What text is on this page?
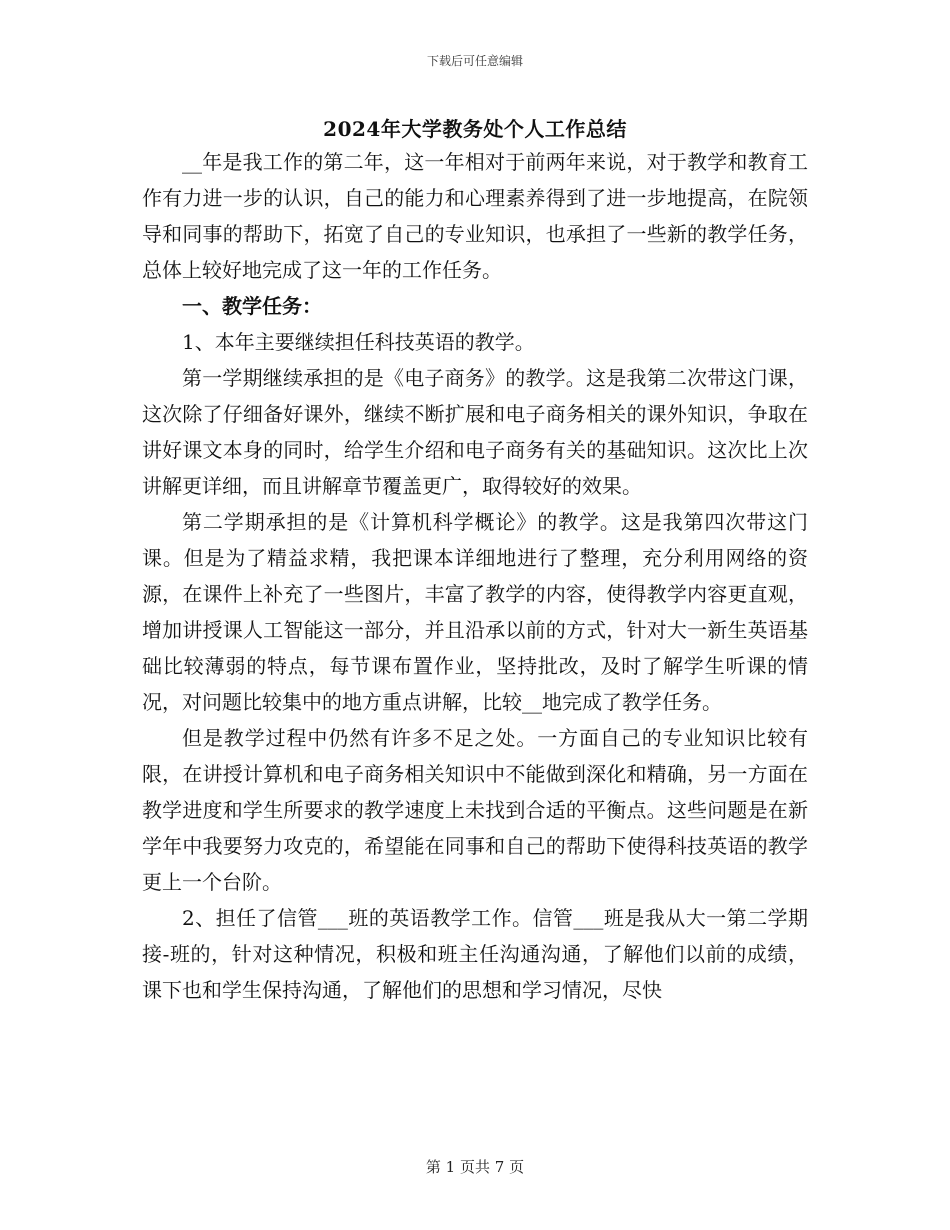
下载后可任意编辑
2024年大学教务处个人工作总结

__年是我工作的第二年，这一年相对于前两年来说，对于教学和教育工作有力进一步的认识，自己的能力和心理素养得到了进一步地提高，在院领导和同事的帮助下，拓宽了自己的专业知识，也承担了一些新的教学任务，总体上较好地完成了这一年的工作任务。

一、教学任务：

1、本年主要继续担任科技英语的教学。

第一学期继续承担的是《电子商务》的教学。这是我第二次带这门课，这次除了仔细备好课外，继续不断扩展和电子商务相关的课外知识，争取在讲好课文本身的同时，给学生介绍和电子商务有关的基础知识。这次比上次讲解更详细，而且讲解章节覆盖更广，取得较好的效果。

第二学期承担的是《计算机科学概论》的教学。这是我第四次带这门课。但是为了精益求精，我把课本详细地进行了整理，充分利用网络的资源，在课件上补充了一些图片，丰富了教学的内容，使得教学内容更直观，增加讲授课人工智能这一部分，并且沿承以前的方式，针对大一新生英语基础比较薄弱的特点，每节课布置作业，坚持批改，及时了解学生听课的情况，对问题比较集中的地方重点讲解，比较__地完成了教学任务。

但是教学过程中仍然有许多不足之处。一方面自己的专业知识比较有限，在讲授计算机和电子商务相关知识中不能做到深化和精确，另一方面在教学进度和学生所要求的教学速度上未找到合适的平衡点。这些问题是在新学年中我要努力攻克的，希望能在同事和自己的帮助下使得科技英语的教学更上一个台阶。

2、担任了信管___班的英语教学工作。信管___班是我从大一第二学期接-班的，针对这种情况，积极和班主任沟通沟通，了解他们以前的成绩，课下也和学生保持沟通，了解他们的思想和学习情况，尽快

第 1 页共 7 页
